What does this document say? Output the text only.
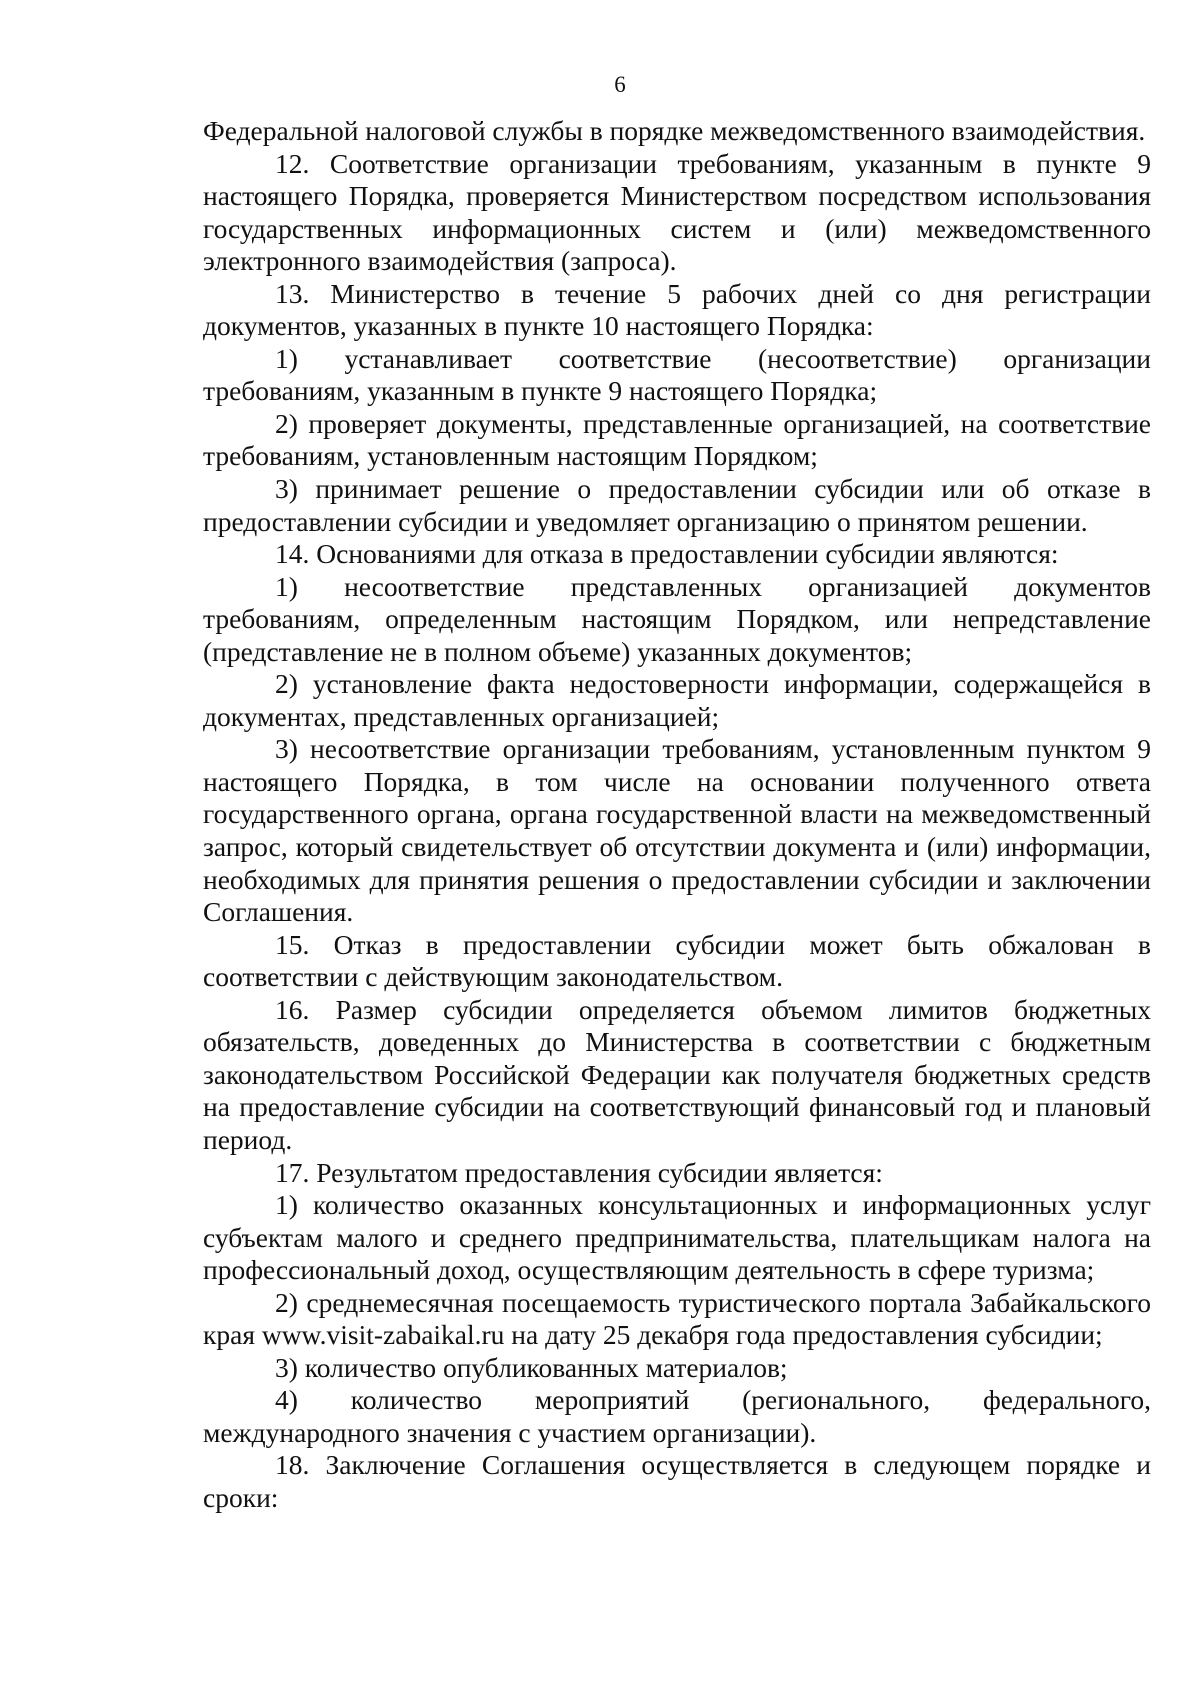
6

Федеральной налоговой службы в порядке межведомственного взаимодействия.

12. Соответствие организации требованиям, указанным в пункте 9 настоящего Порядка, проверяется Министерством посредством использования государственных информационных систем и (или) межведомственного электронного взаимодействия (запроса).

13. Министерство в течение 5 рабочих дней со дня регистрации документов, указанных в пункте 10 настоящего Порядка:

1) устанавливает соответствие (несоответствие) организации требованиям, указанным в пункте 9 настоящего Порядка;

2) проверяет документы, представленные организацией, на соответствие требованиям, установленным настоящим Порядком;

3) принимает решение о предоставлении субсидии или об отказе в предоставлении субсидии и уведомляет организацию о принятом решении.

14. Основаниями для отказа в предоставлении субсидии являются:

1) несоответствие представленных организацией документов требованиям, определенным настоящим Порядком, или непредставление (представление не в полном объеме) указанных документов;

2) установление факта недостоверности информации, содержащейся в документах, представленных организацией;

3) несоответствие организации требованиям, установленным пунктом 9 настоящего Порядка, в том числе на основании полученного ответа государственного органа, органа государственной власти на межведомственный запрос, который свидетельствует об отсутствии документа и (или) информации, необходимых для принятия решения о предоставлении субсидии и заключении Соглашения.

15. Отказ в предоставлении субсидии может быть обжалован в соответствии с действующим законодательством.

16. Размер субсидии определяется объемом лимитов бюджетных обязательств, доведенных до Министерства в соответствии с бюджетным законодательством Российской Федерации как получателя бюджетных средств на предоставление субсидии на соответствующий финансовый год и плановый период.

17. Результатом предоставления субсидии является:

1) количество оказанных консультационных и информационных услуг субъектам малого и среднего предпринимательства, плательщикам налога на профессиональный доход, осуществляющим деятельность в сфере туризма;

2) среднемесячная посещаемость туристического портала Забайкальского края www.visit-zabaikal.ru на дату 25 декабря года предоставления субсидии;

3) количество опубликованных материалов;

4) количество мероприятий (регионального, федерального, международного значения с участием организации).

18. Заключение Соглашения осуществляется в следующем порядке и сроки:
